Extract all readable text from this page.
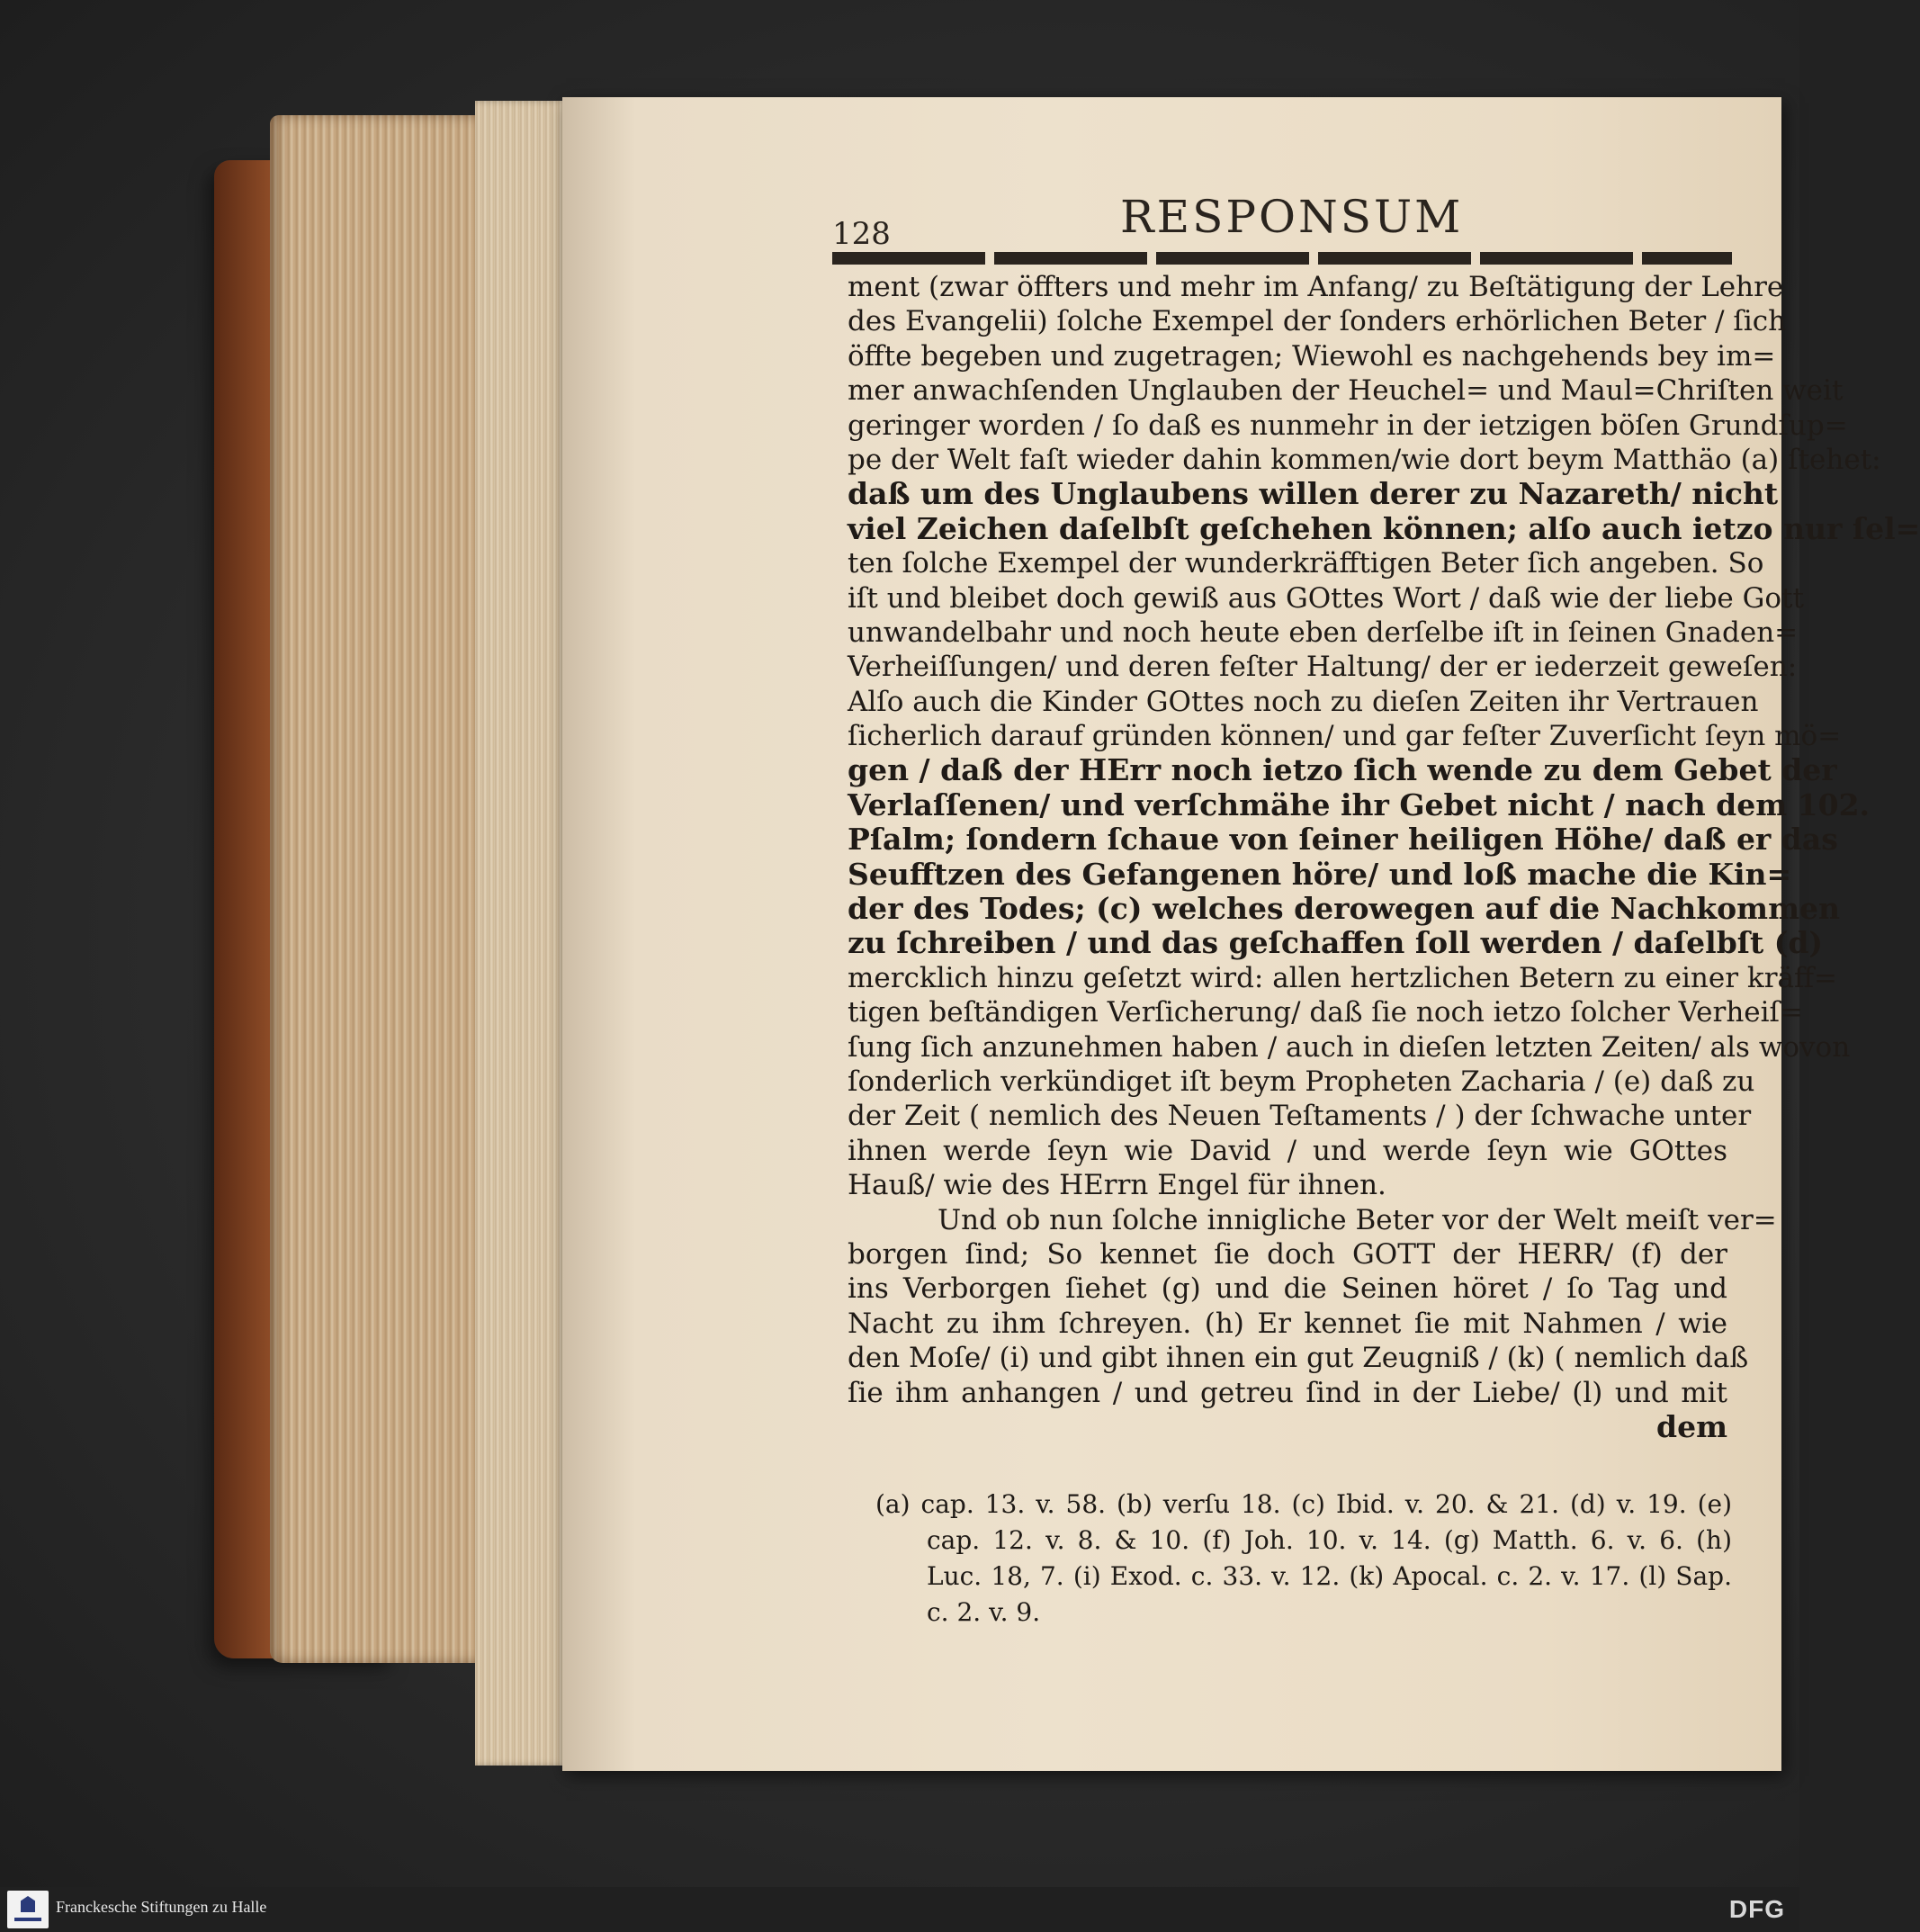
128	RESPONSUM
ment (zwar öffters und mehr im Anfang/ zu Beſtätigung der Lehre
des Evangelii) ſolche Exempel der ſonders erhörlichen Beter / ſich
öffte begeben und zugetragen; Wiewohl es nachgehends bey im=
mer anwachſenden Unglauben der Heuchel= und Maul=Chriſten weit
geringer worden / ſo daß es nunmehr in der ietzigen böſen Grundſup=
pe der Welt faſt wieder dahin kommen/wie dort beym Matthäo (a) ſtehet:
daß um des Unglaubens willen derer zu Nazareth/ nicht
viel Zeichen daſelbſt geſchehen können; alſo auch ietzo nur ſel=
ten ſolche Exempel der wunderkräfftigen Beter ſich angeben. So
iſt und bleibet doch gewiß aus GOttes Wort / daß wie der liebe Gott
unwandelbahr und noch heute eben derſelbe iſt in ſeinen Gnaden=
Verheiſſungen/ und deren feſter Haltung/ der er iederzeit geweſen:
Alſo auch die Kinder GOttes noch zu dieſen Zeiten ihr Vertrauen
ſicherlich darauf gründen können/ und gar feſter Zuverſicht ſeyn mö=
gen / daß der HErr noch ietzo ſich wende zu dem Gebet der
Verlaſſenen/ und verſchmähe ihr Gebet nicht / nach dem 102.
Pſalm; ſondern ſchaue von ſeiner heiligen Höhe/ daß er das
Seufftzen des Gefangenen höre/ und loß mache die Kin=
der des Todes; (c) welches derowegen auf die Nachkommen
zu ſchreiben / und das geſchaffen ſoll werden / daſelbſt (d)
mercklich hinzu geſetzt wird: allen hertzlichen Betern zu einer kräff=
tigen beſtändigen Verſicherung/ daß ſie noch ietzo ſolcher Verheiſ=
ſung ſich anzunehmen haben / auch in dieſen letzten Zeiten/ als wovon
ſonderlich verkündiget iſt beym Propheten Zacharia / (e) daß zu
der Zeit ( nemlich des Neuen Teſtaments / ) der ſchwache unter
ihnen werde ſeyn wie David / und werde ſeyn wie GOttes
Hauß/ wie des HErrn Engel für ihnen.
Und ob nun ſolche innigliche Beter vor der Welt meiſt ver=
borgen ſind; So kennet ſie doch GOTT der HERR/ (f) der
ins Verborgen ſiehet (g) und die Seinen höret / ſo Tag und
Nacht zu ihm ſchreyen. (h) Er kennet ſie mit Nahmen / wie
den Moſe/ (i) und gibt ihnen ein gut Zeugniß / (k) ( nemlich daß
ſie ihm anhangen / und getreu ſind in der Liebe/ (l) und mit
dem
(a) cap. 13. v. 58. (b) verſu 18. (c) Ibid. v. 20. & 21. (d) v. 19. (e)
cap. 12. v. 8. & 10. (f) Joh. 10. v. 14. (g) Matth. 6. v. 6. (h)
Luc. 18, 7. (i) Exod. c. 33. v. 12. (k) Apocal. c. 2. v. 17. (l) Sap.
c. 2. v. 9.
Franckesche Stiftungen zu Halle	DFG
